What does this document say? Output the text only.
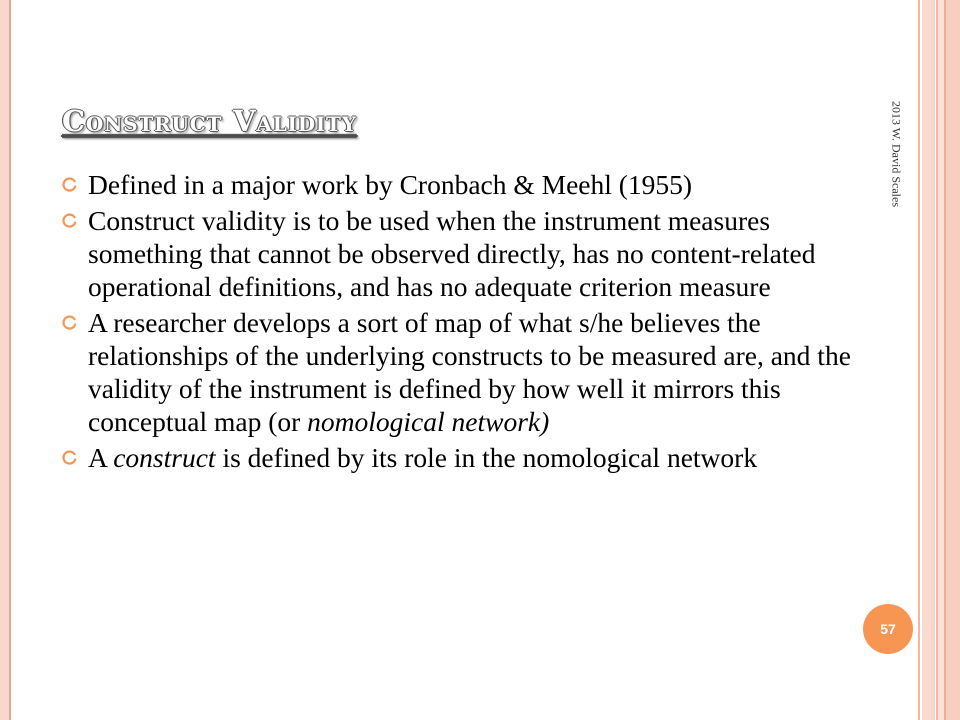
Construct Validity
Defined in a major work by Cronbach & Meehl (1955)
Construct validity is to be used when the instrument measures something that cannot be observed directly, has no content-related operational definitions, and has no adequate criterion measure
A researcher develops a sort of map of what s/he believes the relationships of the underlying constructs to be measured are, and the validity of the instrument is defined by how well it mirrors this conceptual map (or nomological network)
A construct is defined by its role in the nomological network
2013 W. David Scales
57
